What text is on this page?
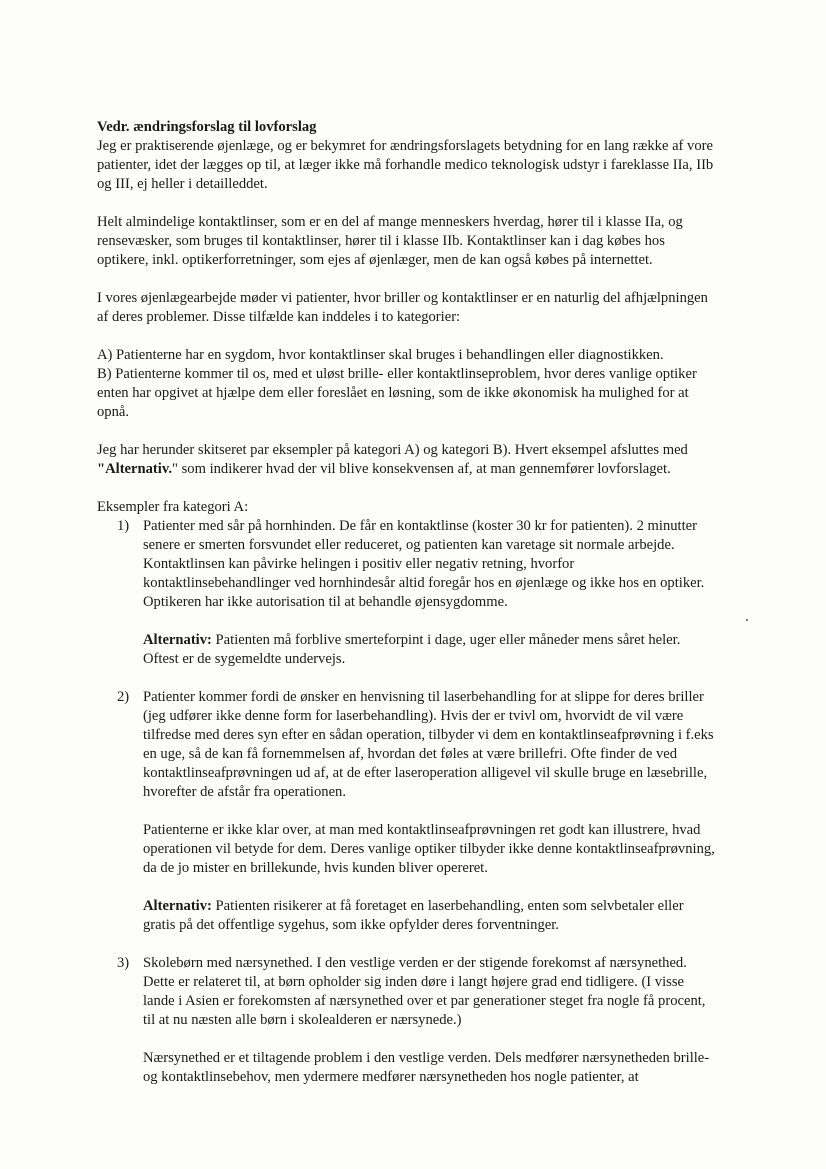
Vedr. ændringsforslag til lovforslag

Jeg er praktiserende øjenlæge, og er bekymret for ændringsforslagets betydning for en lang række af vore patienter, idet der lægges op til, at læger ikke må forhandle medico teknologisk udstyr i fareklasse IIa, IIb og III, ej heller i detailleddet.

Helt almindelige kontaktlinser, som er en del af mange menneskers hverdag, hører til i klasse IIa, og rensevæsker, som bruges til kontaktlinser, hører til i klasse IIb. Kontaktlinser kan i dag købes hos optikere, inkl. optikerforretninger, som ejes af øjenlæger, men de kan også købes på internettet.

I vores øjenlægearbejde møder vi patienter, hvor briller og kontaktlinser er en naturlig del afhjælpningen af deres problemer. Disse tilfælde kan inddeles i to kategorier:

A) Patienterne har en sygdom, hvor kontaktlinser skal bruges i behandlingen eller diagnostikken.

B) Patienterne kommer til os, med et uløst brille- eller kontaktlinseproblem, hvor deres vanlige optiker enten har opgivet at hjælpe dem eller foreslået en løsning, som de ikke økonomisk ha mulighed for at opnå.

Jeg har herunder skitseret par eksempler på kategori A) og kategori B). Hvert eksempel afsluttes med "Alternativ." som indikerer hvad der vil blive konsekvensen af, at man gennemfører lovforslaget.

Eksempler fra kategori A:

1) Patienter med sår på hornhinden. De får en kontaktlinse (koster 30 kr for patienten). 2 minutter senere er smerten forsvundet eller reduceret, og patienten kan varetage sit normale arbejde. Kontaktlinsen kan påvirke helingen i positiv eller negativ retning, hvorfor kontaktlinsebehandlinger ved hornhindesår altid foregår hos en øjenlæge og ikke hos en optiker. Optikeren har ikke autorisation til at behandle øjensygdomme.

Alternativ: Patienten må forblive smerteforpint i dage, uger eller måneder mens såret heler. Oftest er de sygemeldte undervejs.

2) Patienter kommer fordi de ønsker en henvisning til laserbehandling for at slippe for deres briller (jeg udfører ikke denne form for laserbehandling). Hvis der er tvivl om, hvorvidt de vil være tilfredse med deres syn efter en sådan operation, tilbyder vi dem en kontaktlinseafprøvning i f.eks en uge, så de kan få fornemmelsen af, hvordan det føles at være brillefri. Ofte finder de ved kontaktlinseafprøvningen ud af, at de efter laseroperation alligevel vil skulle bruge en læsebrille, hvorefter de afstår fra operationen.

Patienterne er ikke klar over, at man med kontaktlinseafprøvningen ret godt kan illustrere, hvad operationen vil betyde for dem. Deres vanlige optiker tilbyder ikke denne kontaktlinseafprøvning, da de jo mister en brillekunde, hvis kunden bliver opereret.

Alternativ: Patienten risikerer at få foretaget en laserbehandling, enten som selvbetaler eller gratis på det offentlige sygehus, som ikke opfylder deres forventninger.

3) Skolebørn med nærsynethed. I den vestlige verden er der stigende forekomst af nærsynethed. Dette er relateret til, at børn opholder sig inden døre i langt højere grad end tidligere. (I visse lande i Asien er forekomsten af nærsynethed over et par generationer steget fra nogle få procent, til at nu næsten alle børn i skolealderen er nærsynede.)

Nærsynethed er et tiltagende problem i den vestlige verden. Dels medfører nærsynetheden brille- og kontaktlinsebehov, men ydermere medfører nærsynetheden hos nogle patienter, at
